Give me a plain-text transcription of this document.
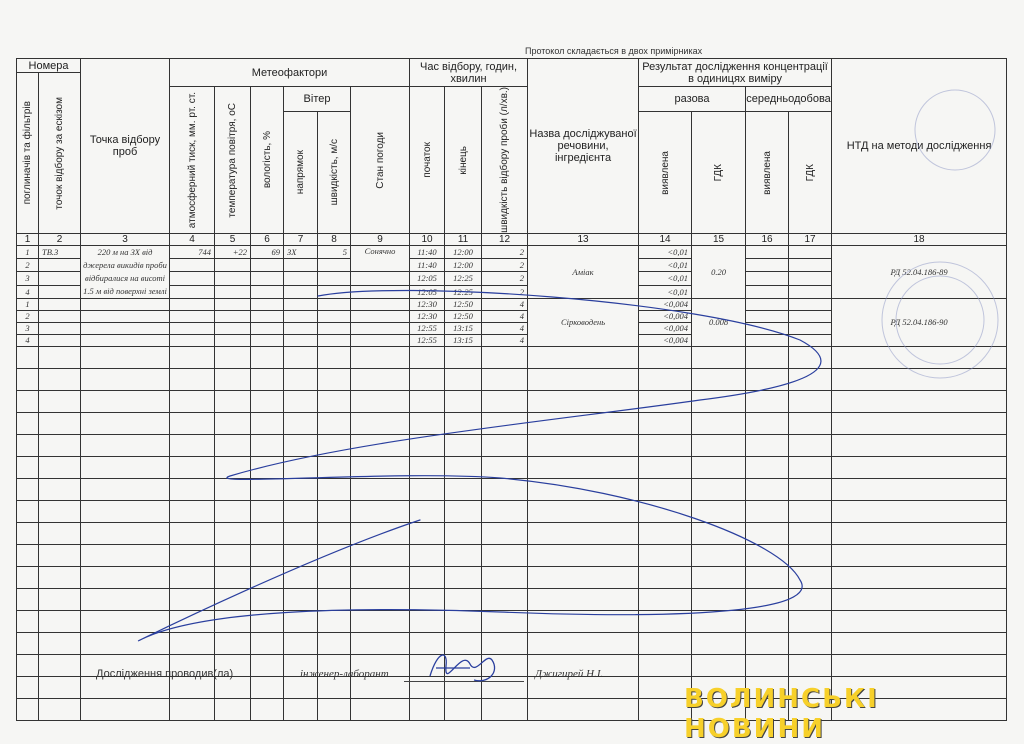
Протокол складається в двох примірниках
Номера		Точка відбору проб	Метеофактори						Час відбору, годин, хвилин			Назва досліджуваної речовини, інгредієнта	Результат дослідження концентрації в одиницях виміру				НТД на методи дослідження

поглиначів та фільтрів	точок відбору за ескізом																

			атмосферний тиск, мм. рт. ст.	температура повітря, оС	вологість, %	Вітер		Стан погоди	початок	кінець	швидкість відбору проби (л/хв.)		разова		середньодобова		

						напрямок	швидкість, м/с						виявлена	ГДК	виявлена	ГДК	

1	2	3	4	5	6	7	8	9	10	11	12	13	14	15	16	17	18
1	ТВ.3	220 м на ЗХ від джерела викидів проби відбиралися на висоті 1.5 м від поверхні землі	744	+22	69	ЗХ	5	Сонячно	11:40	12:00	2	Аміак	<0,01	0.20			РД 52.04.186-89
2									11:40	12:00	2		<0,01				
3									12:05	12:25	2		<0,01				
4									12:05	12:25	2		<0,01				
1									12:30	12:50	4	Сірководень	<0,004	0.008			РД 52.04.186-90
2									12:30	12:50	4		<0,004				
3									12:55	13:15	4		<0,004				
4									12:55	13:15	4		<0,004				

Дослідження проводив(ла)	інженер-лаборант	Джигирей Н.І.
ВОЛИНСЬКІ НОВИНИ
